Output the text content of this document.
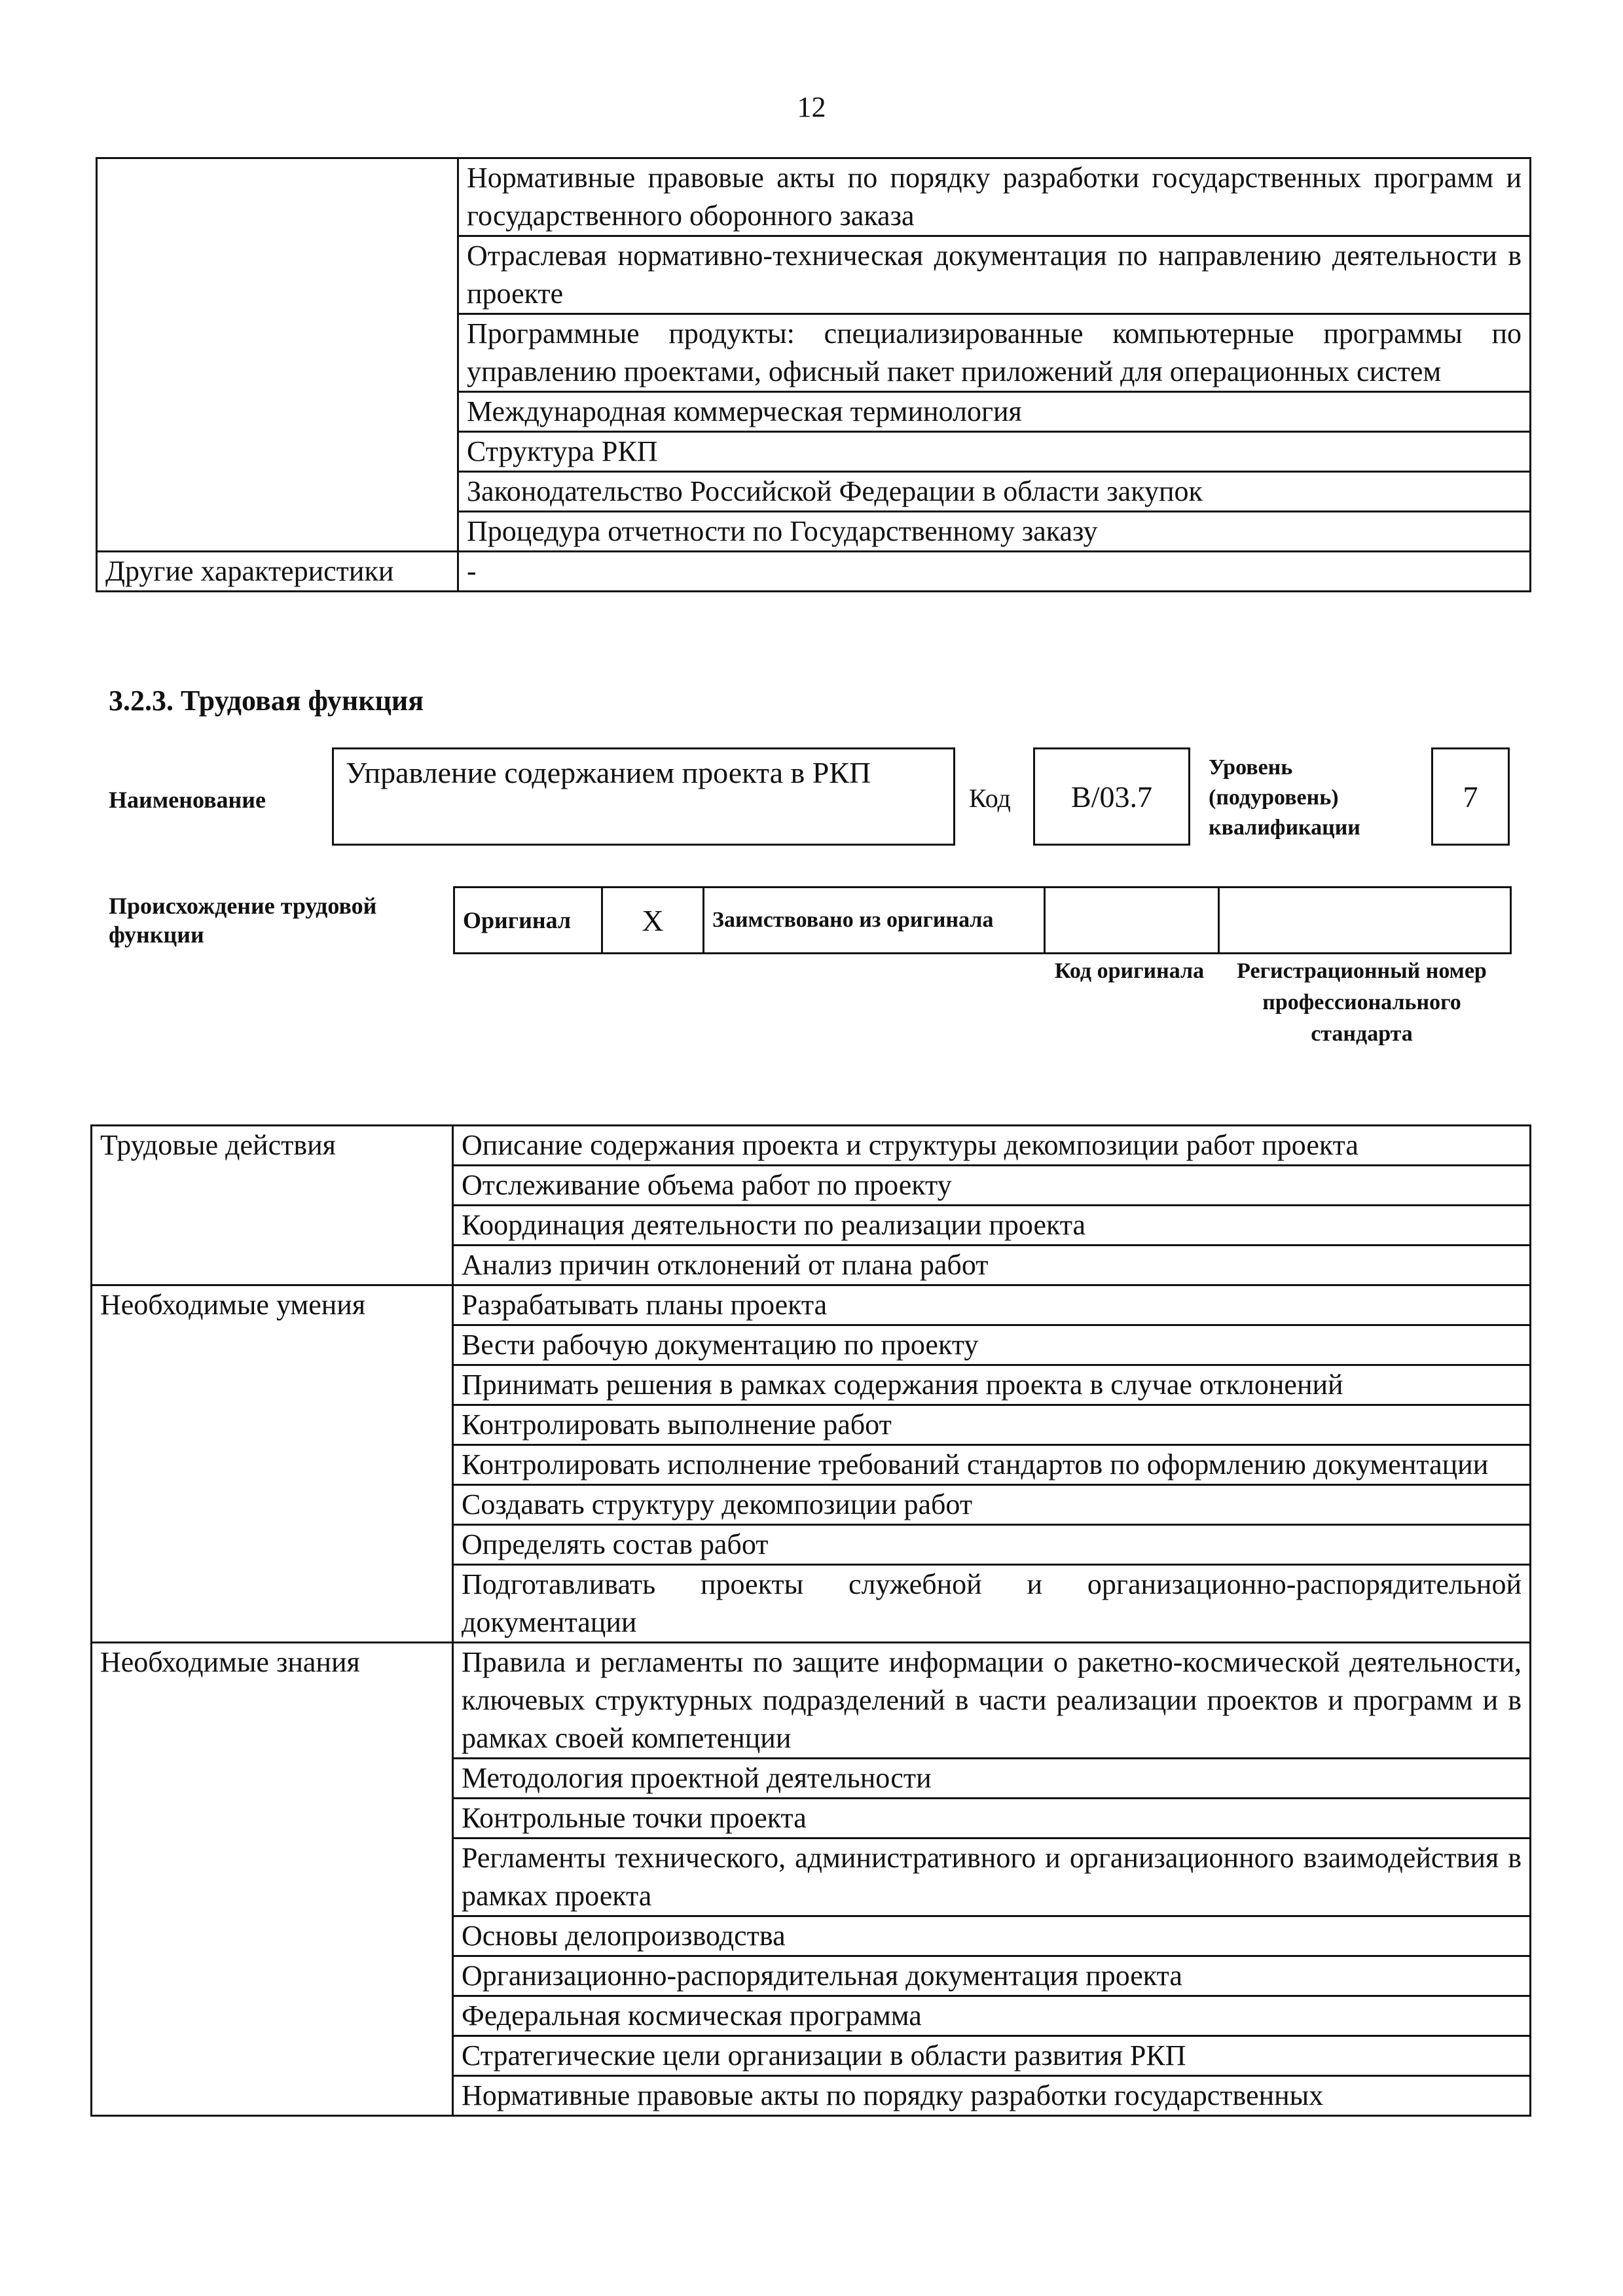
12
	Нормативные правовые акты по порядку разработки государственных программ и государственного оборонного заказа
	Отраслевая нормативно-техническая документация по направлению деятельности в проекте
	Программные продукты: специализированные компьютерные программы по управлению проектами, офисный пакет приложений для операционных систем
	Международная коммерческая терминология
	Структура РКП
	Законодательство Российской Федерации в области закупок
	Процедура отчетности по Государственному заказу
Другие характеристики	-
3.2.3. Трудовая функция
Наименование
Управление содержанием проекта в РКП
Код B/03.7
Уровень (подуровень) квалификации
7
Происхождение трудовой функции
Оригинал	X	Заимствовано из оригинала		
Код оригинала	Регистрационный номер профессионального стандарта
Трудовые действия	Описание содержания проекта и структуры декомпозиции работ проекта
	Отслеживание объема работ по проекту
	Координация деятельности по реализации проекта
	Анализ причин отклонений от плана работ
Необходимые умения	Разрабатывать планы проекта
	Вести рабочую документацию по проекту
	Принимать решения в рамках содержания проекта в случае отклонений
	Контролировать выполнение работ
	Контролировать исполнение требований стандартов по оформлению документации
	Создавать структуру декомпозиции работ
	Определять состав работ
	Подготавливать проекты служебной и организационно-распорядительной документации
Необходимые знания	Правила и регламенты по защите информации о ракетно-космической деятельности, ключевых структурных подразделений в части реализации проектов и программ и в рамках своей компетенции
	Методология проектной деятельности
	Контрольные точки проекта
	Регламенты технического, административного и организационного взаимодействия в рамках проекта
	Основы делопроизводства
	Организационно-распорядительная документация проекта
	Федеральная космическая программа
	Стратегические цели организации в области развития РКП
	Нормативные правовые акты по порядку разработки государственных
